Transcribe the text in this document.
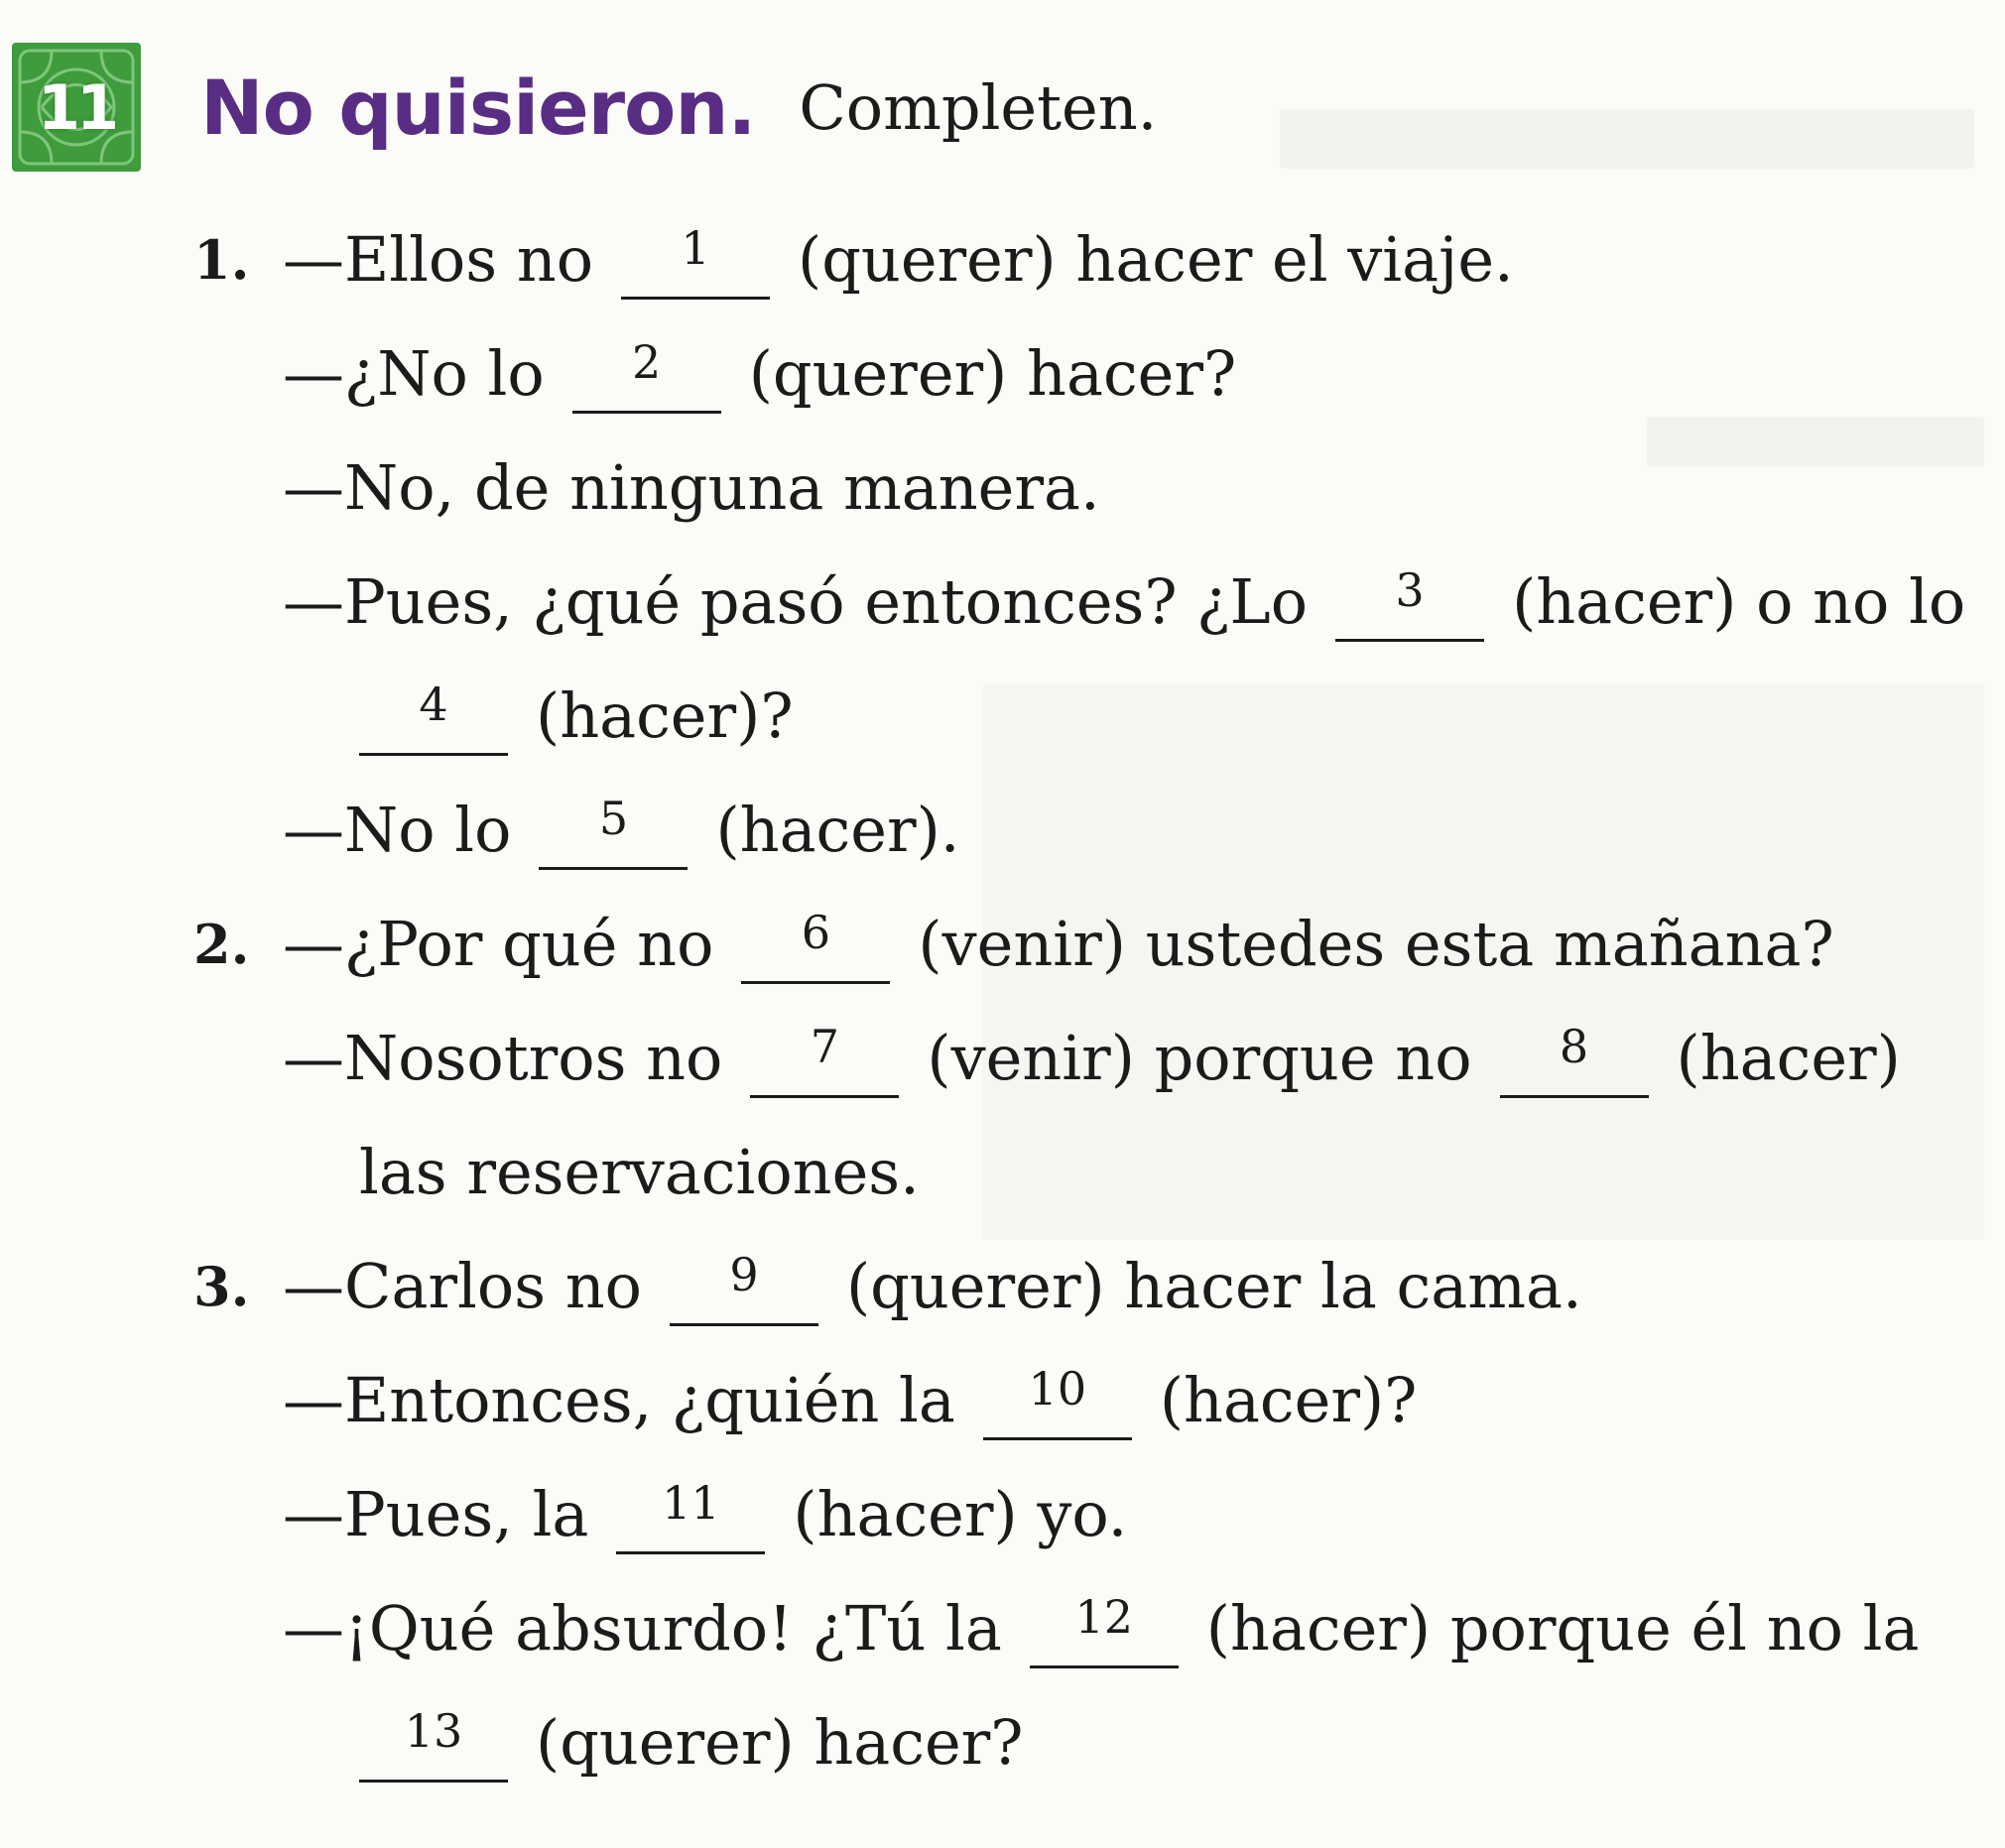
11 No quisieron. Completen.
1. —Ellos no	1	(querer) hacer el viaje.
—¿No lo	2	(querer) hacer?
—No, de ninguna manera.
—Pues, ¿qué pasó entonces? ¿Lo	3	(hacer) o no lo
4	(hacer)?
—No lo	5	(hacer).
2. —¿Por qué no	6	(venir) ustedes esta mañana?
—Nosotros no	7	(venir) porque no	8	(hacer)
las reservaciones.
3. —Carlos no	9	(querer) hacer la cama.
—Entonces, ¿quién la	10	(hacer)?
—Pues, la	11	(hacer) yo.
—¡Qué absurdo! ¿Tú la	12	(hacer) porque él no la
13	(querer) hacer?
